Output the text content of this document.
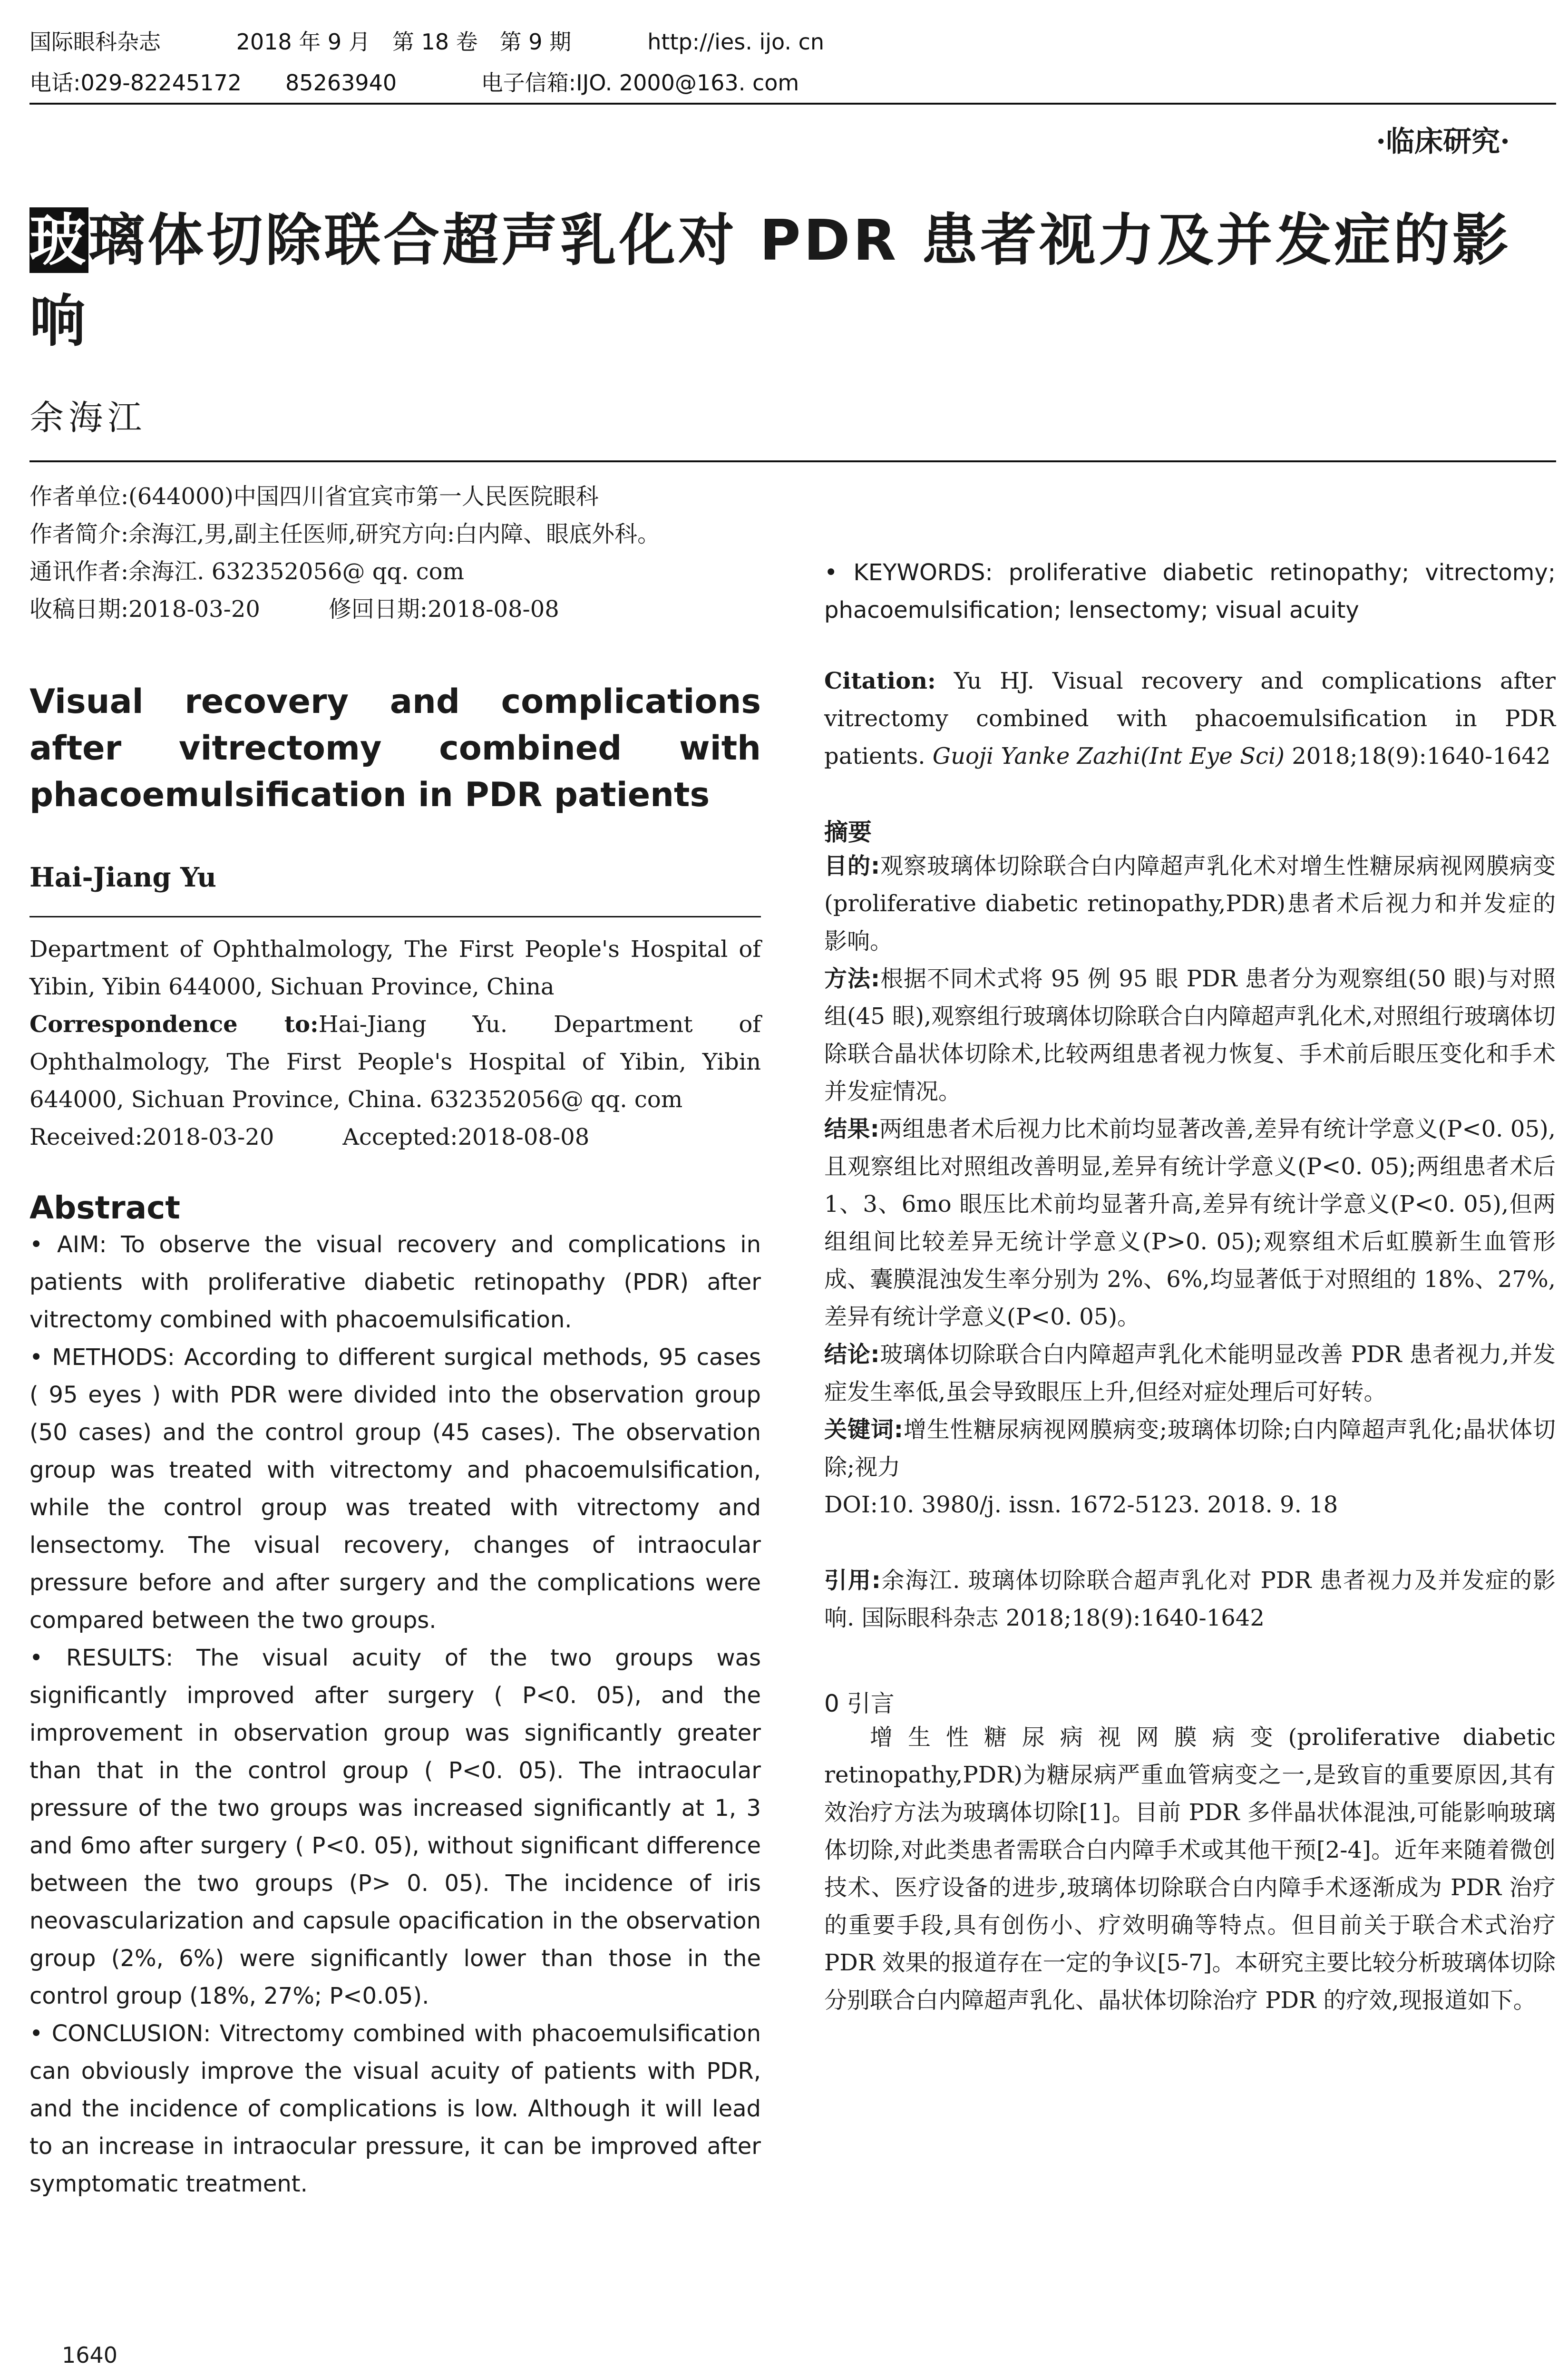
国际眼科杂志	2018 年 9 月　第 18 卷　第 9 期	http://ies. ijo. cn
电话:029-82245172　　85263940	电子信箱:IJO. 2000@163. com
·临床研究·
玻璃体切除联合超声乳化对 PDR 患者视力及并发症的影响
余海江

作者单位:(644000)中国四川省宜宾市第一人民医院眼科

作者简介:余海江,男,副主任医师,研究方向:白内障、眼底外科。

通讯作者:余海江. 632352056@ qq. com

收稿日期:2018-03-20　　　修回日期:2018-08-08

Visual recovery and complications after vitrectomy combined with phacoemulsification in PDR patients
Hai-Jiang Yu

Department of Ophthalmology, The First People's Hospital of Yibin, Yibin 644000, Sichuan Province, China

Correspondence to:Hai-Jiang Yu. Department of Ophthalmology, The First People's Hospital of Yibin, Yibin 644000, Sichuan Province, China. 632352056@ qq. com

Received:2018-03-20　　　Accepted:2018-08-08

Abstract

• AIM: To observe the visual recovery and complications in patients with proliferative diabetic retinopathy (PDR) after vitrectomy combined with phacoemulsification.

• METHODS: According to different surgical methods, 95 cases ( 95 eyes ) with PDR were divided into the observation group (50 cases) and the control group (45 cases). The observation group was treated with vitrectomy and phacoemulsification, while the control group was treated with vitrectomy and lensectomy. The visual recovery, changes of intraocular pressure before and after surgery and the complications were compared between the two groups.

• RESULTS: The visual acuity of the two groups was significantly improved after surgery ( P<0. 05), and the improvement in observation group was significantly greater than that in the control group ( P<0. 05). The intraocular pressure of the two groups was increased significantly at 1, 3 and 6mo after surgery ( P<0. 05), without significant difference between the two groups (P> 0. 05). The incidence of iris neovascularization and capsule opacification in the observation group (2%, 6%) were significantly lower than those in the control group (18%, 27%; P<0.05).

• CONCLUSION: Vitrectomy combined with phacoemulsification can obviously improve the visual acuity of patients with PDR, and the incidence of complications is low. Although it will lead to an increase in intraocular pressure, it can be improved after symptomatic treatment.

• KEYWORDS: proliferative diabetic retinopathy; vitrectomy; phacoemulsification; lensectomy; visual acuity

Citation: Yu HJ. Visual recovery and complications after vitrectomy combined with phacoemulsification in PDR patients. Guoji Yanke Zazhi(Int Eye Sci) 2018;18(9):1640-1642

摘要

目的:观察玻璃体切除联合白内障超声乳化术对增生性糖尿病视网膜病变(proliferative diabetic retinopathy,PDR)患者术后视力和并发症的影响。

方法:根据不同术式将 95 例 95 眼 PDR 患者分为观察组(50 眼)与对照组(45 眼),观察组行玻璃体切除联合白内障超声乳化术,对照组行玻璃体切除联合晶状体切除术,比较两组患者视力恢复、手术前后眼压变化和手术并发症情况。

结果:两组患者术后视力比术前均显著改善,差异有统计学意义(P<0. 05),且观察组比对照组改善明显,差异有统计学意义(P<0. 05);两组患者术后 1、3、6mo 眼压比术前均显著升高,差异有统计学意义(P<0. 05),但两组组间比较差异无统计学意义(P>0. 05);观察组术后虹膜新生血管形成、囊膜混浊发生率分别为 2%、6%,均显著低于对照组的 18%、27%,差异有统计学意义(P<0. 05)。

结论:玻璃体切除联合白内障超声乳化术能明显改善 PDR 患者视力,并发症发生率低,虽会导致眼压上升,但经对症处理后可好转。

关键词:增生性糖尿病视网膜病变;玻璃体切除;白内障超声乳化;晶状体切除;视力

DOI:10. 3980/j. issn. 1672-5123. 2018. 9. 18

引用:余海江. 玻璃体切除联合超声乳化对 PDR 患者视力及并发症的影响. 国际眼科杂志 2018;18(9):1640-1642

0 引言

增生性糖尿病视网膜病变(proliferative diabetic retinopathy,PDR)为糖尿病严重血管病变之一,是致盲的重要原因,其有效治疗方法为玻璃体切除[1]。目前 PDR 多伴晶状体混浊,可能影响玻璃体切除,对此类患者需联合白内障手术或其他干预[2-4]。近年来随着微创技术、医疗设备的进步,玻璃体切除联合白内障手术逐渐成为 PDR 治疗的重要手段,具有创伤小、疗效明确等特点。但目前关于联合术式治疗 PDR 效果的报道存在一定的争议[5-7]。本研究主要比较分析玻璃体切除分别联合白内障超声乳化、晶状体切除治疗 PDR 的疗效,现报道如下。

1640
